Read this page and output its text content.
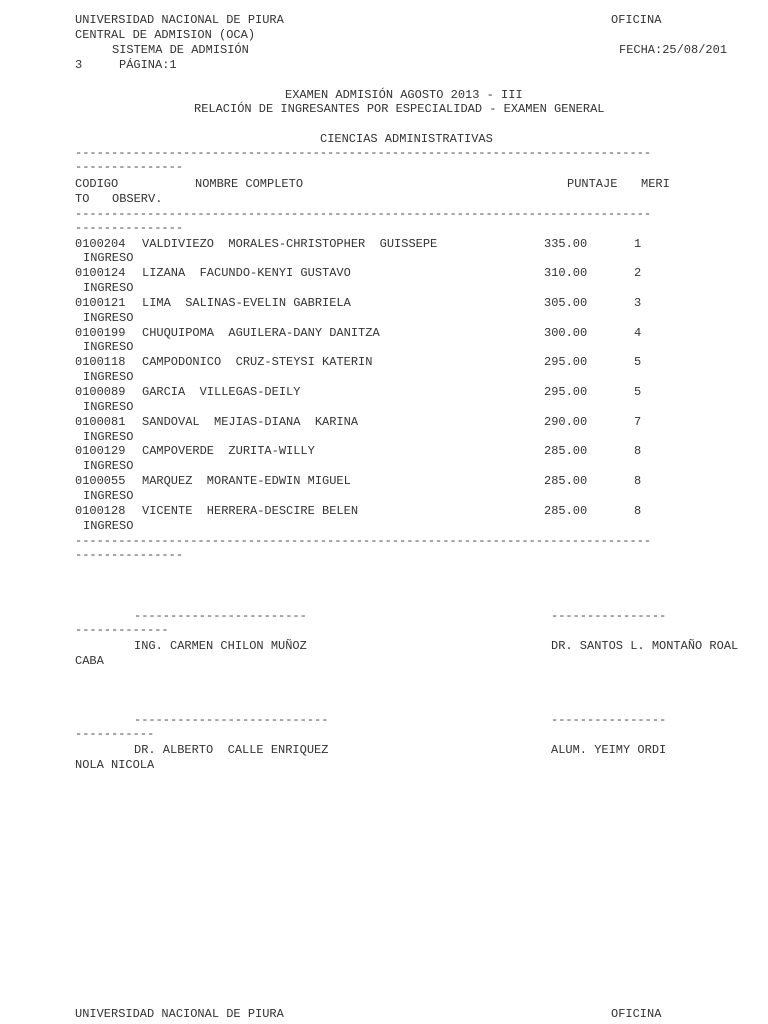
UNIVERSIDAD NACIONAL DE PIURA	OFICINA
CENTRAL DE ADMISION (OCA)
SISTEMA DE ADMISIÓN	FECHA:25/08/201
3	PÁGINA:1
EXAMEN ADMISIÓN AGOSTO 2013 - III
RELACIÓN DE INGRESANTES POR ESPECIALIDAD - EXAMEN GENERAL
CIENCIAS ADMINISTRATIVAS
--------------------------------------------------------------------------------
---------------
CODIGO	NOMBRE COMPLETO	PUNTAJE MERI
TO OBSERV.
--------------------------------------------------------------------------------
---------------
0100204 VALDIVIEZO  MORALES-CHRISTOPHER  GUISSEPE	335.00	1
INGRESO
0100124 LIZANA  FACUNDO-KENYI GUSTAVO	310.00	2
INGRESO
0100121 LIMA  SALINAS-EVELIN GABRIELA	305.00	3
INGRESO
0100199 CHUQUIPOMA  AGUILERA-DANY DANITZA	300.00	4
INGRESO
0100118 CAMPODONICO  CRUZ-STEYSI KATERIN	295.00	5
INGRESO
0100089 GARCIA  VILLEGAS-DEILY	295.00	5
INGRESO
0100081 SANDOVAL  MEJIAS-DIANA  KARINA	290.00	7
INGRESO
0100129 CAMPOVERDE  ZURITA-WILLY	285.00	8
INGRESO
0100055 MARQUEZ  MORANTE-EDWIN MIGUEL	285.00	8
INGRESO
0100128 VICENTE  HERRERA-DESCIRE BELEN	285.00	8
INGRESO
--------------------------------------------------------------------------------
---------------
------------------------	----------------
-------------
ING. CARMEN CHILON MUÑOZ	DR. SANTOS L. MONTAÑO ROAL
CABA
---------------------------	----------------
-----------
DR. ALBERTO  CALLE ENRIQUEZ	ALUM. YEIMY ORDI
NOLA NICOLA
UNIVERSIDAD NACIONAL DE PIURA	OFICINA
